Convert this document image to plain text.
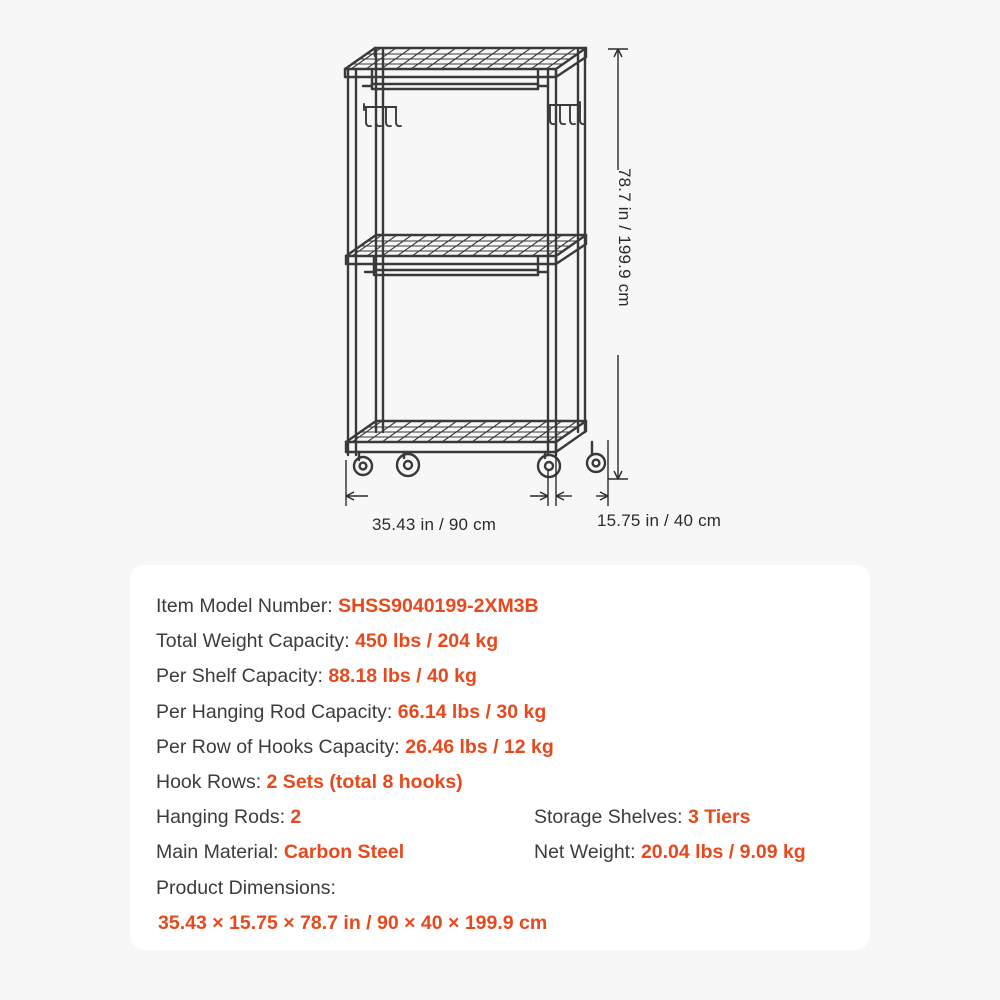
78.7 in / 199.9 cm
35.43 in / 90 cm	15.75 in / 40 cm
Item Model Number: SHSS9040199-2XM3B
Total Weight Capacity: 450 lbs / 204 kg
Per Shelf Capacity: 88.18 lbs / 40 kg
Per Hanging Rod Capacity: 66.14 lbs / 30 kg
Per Row of Hooks Capacity: 26.46 lbs / 12 kg
Hook Rows: 2 Sets (total 8 hooks)
Hanging Rods: 2	Storage Shelves: 3 Tiers
Main Material: Carbon Steel	Net Weight: 20.04 lbs / 9.09 kg
Product Dimensions:
35.43 × 15.75 × 78.7 in / 90 × 40 × 199.9 cm
